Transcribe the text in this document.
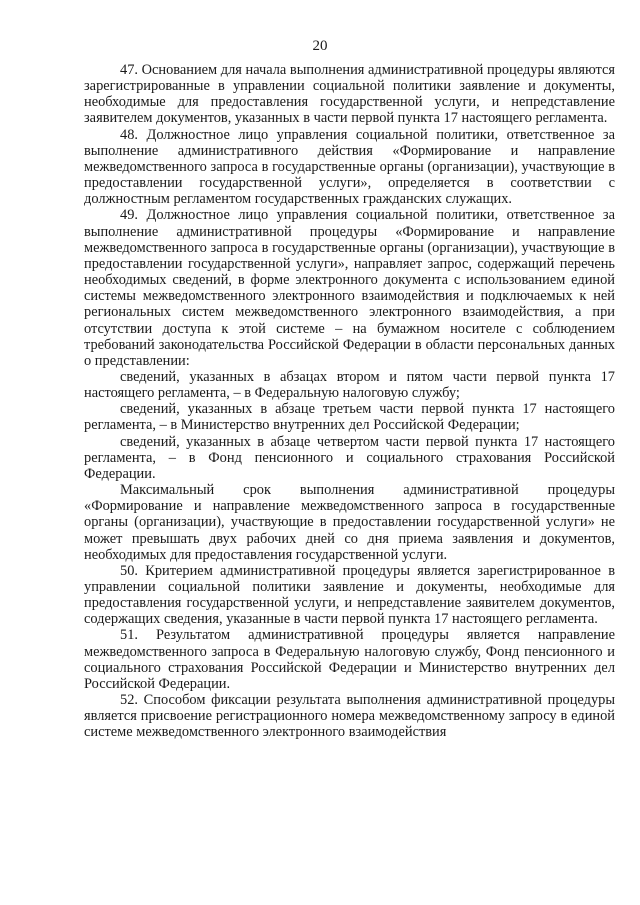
20

47. Основанием для начала выполнения административной процедуры являются зарегистрированные в управлении социальной политики заявление и документы, необходимые для предоставления государственной услуги, и непредставление заявителем документов, указанных в части первой пункта 17 настоящего регламента.

48. Должностное лицо управления социальной политики, ответственное за выполнение административного действия «Формирование и направление межведомственного запроса в государственные органы (организации), участвующие в предоставлении государственной услуги», определяется в соответствии с должностным регламентом государственных гражданских служащих.

49. Должностное лицо управления социальной политики, ответственное за выполнение административной процедуры «Формирование и направление межведомственного запроса в государственные органы (организации), участвующие в предоставлении государственной услуги», направляет запрос, содержащий перечень необходимых сведений, в форме электронного документа с использованием единой системы межведомственного электронного взаимодействия и подключаемых к ней региональных систем межведомственного электронного взаимодействия, а при отсутствии доступа к этой системе – на бумажном носителе с соблюдением требований законодательства Российской Федерации в области персональных данных о представлении:

сведений, указанных в абзацах втором и пятом части первой пункта 17 настоящего регламента, – в Федеральную налоговую службу;

сведений, указанных в абзаце третьем части первой пункта 17 настоящего регламента, – в Министерство внутренних дел Российской Федерации;

сведений, указанных в абзаце четвертом части первой пункта 17 настоящего регламента, – в Фонд пенсионного и социального страхования Российской Федерации.

Максимальный срок выполнения административной процедуры «Формирование и направление межведомственного запроса в государственные органы (организации), участвующие в предоставлении государственной услуги» не может превышать двух рабочих дней со дня приема заявления и документов, необходимых для предоставления государственной услуги.

50. Критерием административной процедуры является зарегистрированное в управлении социальной политики заявление и документы, необходимые для предоставления государственной услуги, и непредставление заявителем документов, содержащих сведения, указанные в части первой пункта 17 настоящего регламента.

51. Результатом административной процедуры является направление межведомственного запроса в Федеральную налоговую службу, Фонд пенсионного и социального страхования Российской Федерации и Министерство внутренних дел Российской Федерации.

52. Способом фиксации результата выполнения административной процедуры является присвоение регистрационного номера межведомственному запросу в единой системе межведомственного электронного взаимодействия
